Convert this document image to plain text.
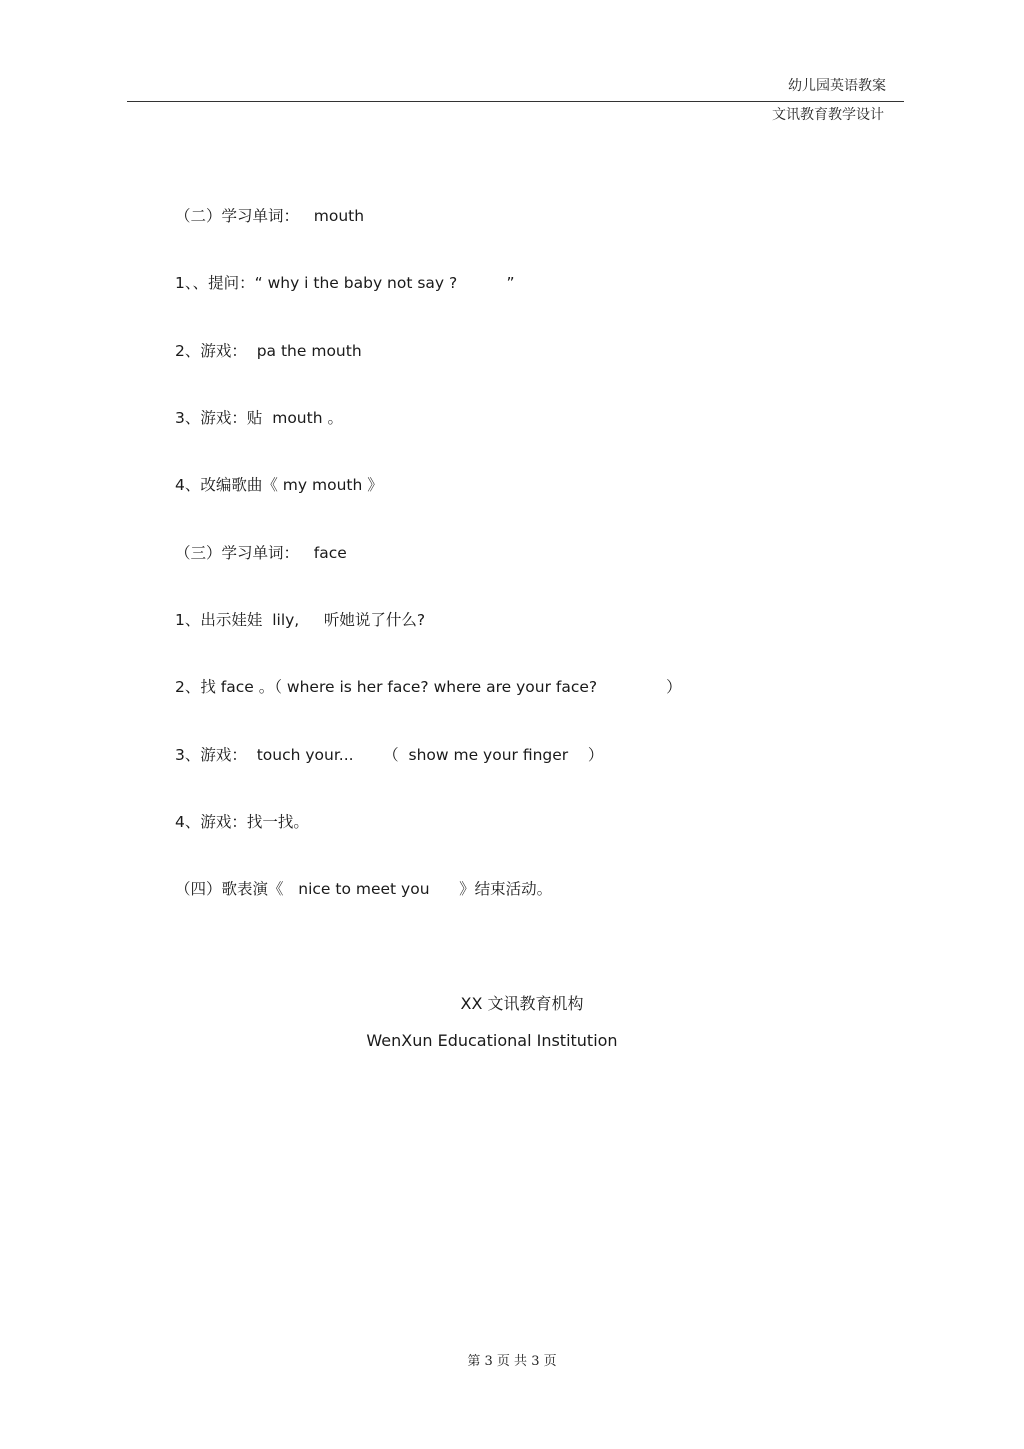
幼儿园英语教案
文讯教育教学设计
（二）学习单词：   mouth
1、、提问：“ why i the baby not say ?          ”
2、游戏：  pa the mouth
3、游戏：贴  mouth 。
4、改编歌曲《 my mouth 》
（三）学习单词：   face
1、出示娃娃  lily,     听她说了什么?
2、找 face 。（ where is her face? where are your face?              ）
3、游戏：  touch your...      （  show me your finger    ）
4、游戏：找一找。
（四）歌表演《   nice to meet you      》结束活动。
XX 文讯教育机构
WenXun Educational Institution
第 3 页 共 3 页
